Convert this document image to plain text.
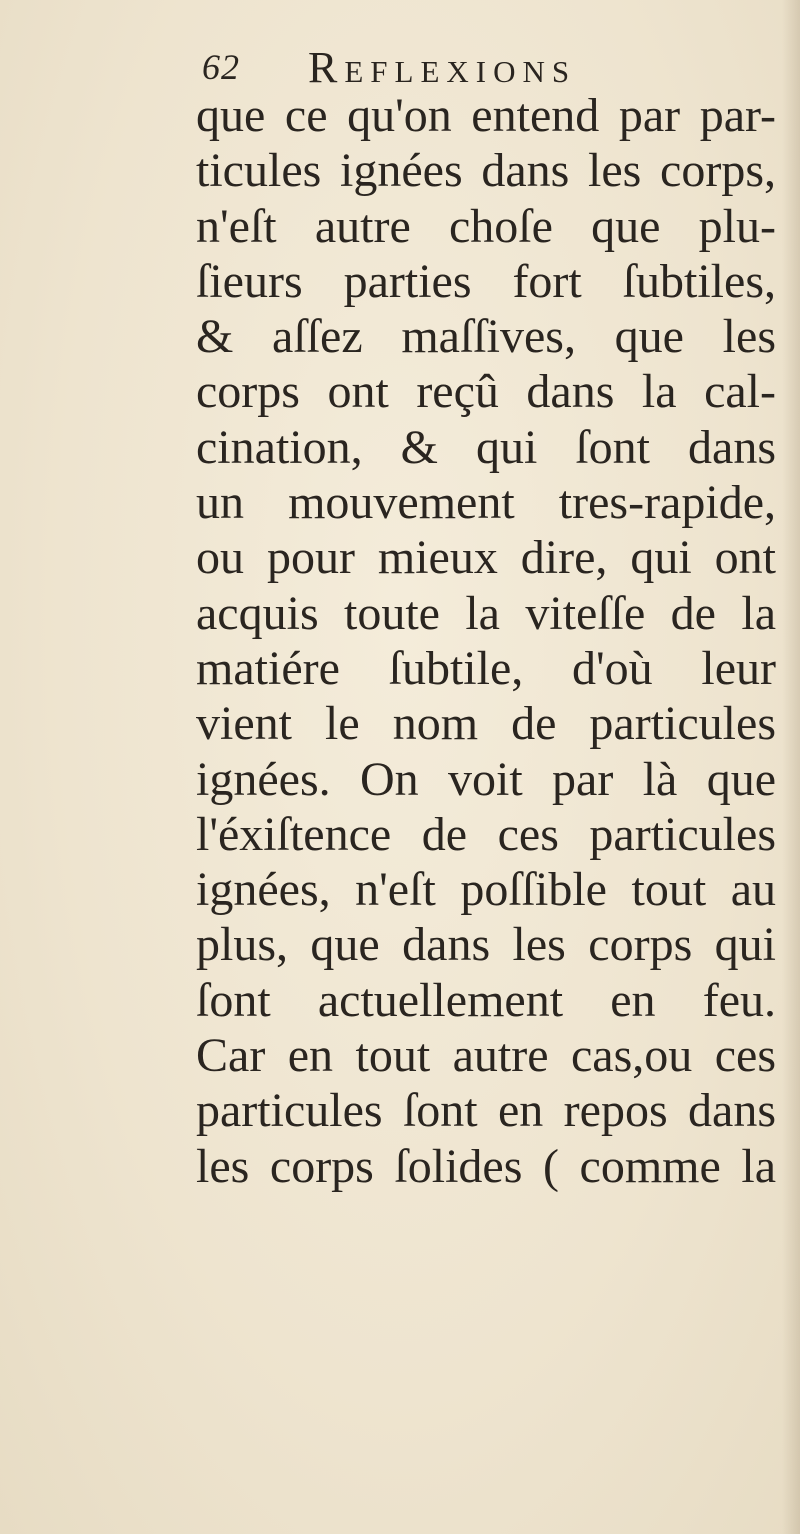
62 Reflexions
que ce qu'on entend par par-
ticules ignées dans les corps,
n'eſt autre choſe que plu-
ſieurs parties fort ſubtiles,
& aſſez maſſives, que les
corps ont reçû dans la cal-
cination, & qui ſont dans
un mouvement tres-rapide,
ou pour mieux dire, qui ont
acquis toute la viteſſe de la
matiére ſubtile, d'où leur
vient le nom de particules
ignées. On voit par là que
l'éxiſtence de ces particules
ignées, n'eſt poſſible tout au
plus, que dans les corps qui
ſont actuellement en feu.
Car en tout autre cas,ou ces
particules ſont en repos dans
les corps ſolides ( comme la
